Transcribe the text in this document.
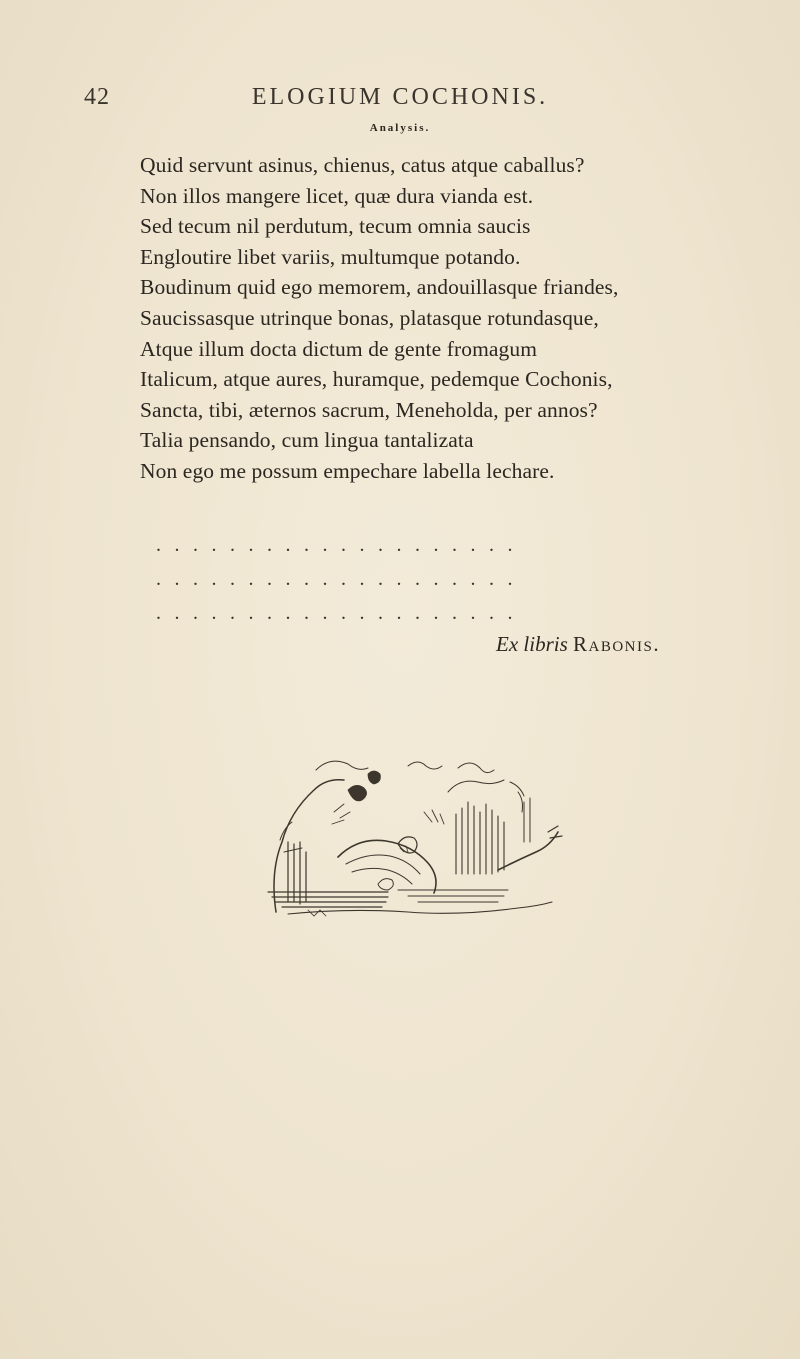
42	ELOGIUM COCHONIS.
Analysis.
Quid servunt asinus, chienus, catus atque caballus?
Non illos mangere licet, quæ dura vianda est.
Sed tecum nil perdutum, tecum omnia saucis
Engloutire libet variis, multumque potando.
Boudinum quid ego memorem, andouillasque friandes,
Saucissasque utrinque bonas, platasque rotundasque,
Atque illum docta dictum de gente fromagum
Italicum, atque aures, huramque, pedemque Cochonis,
Sancta, tibi, æternos sacrum, Meneholda, per annos?
Talia pensando, cum lingua tantalizata
Non ego me possum empechare labella lechare.
....................
....................
....................
Ex libris Rabonis.
